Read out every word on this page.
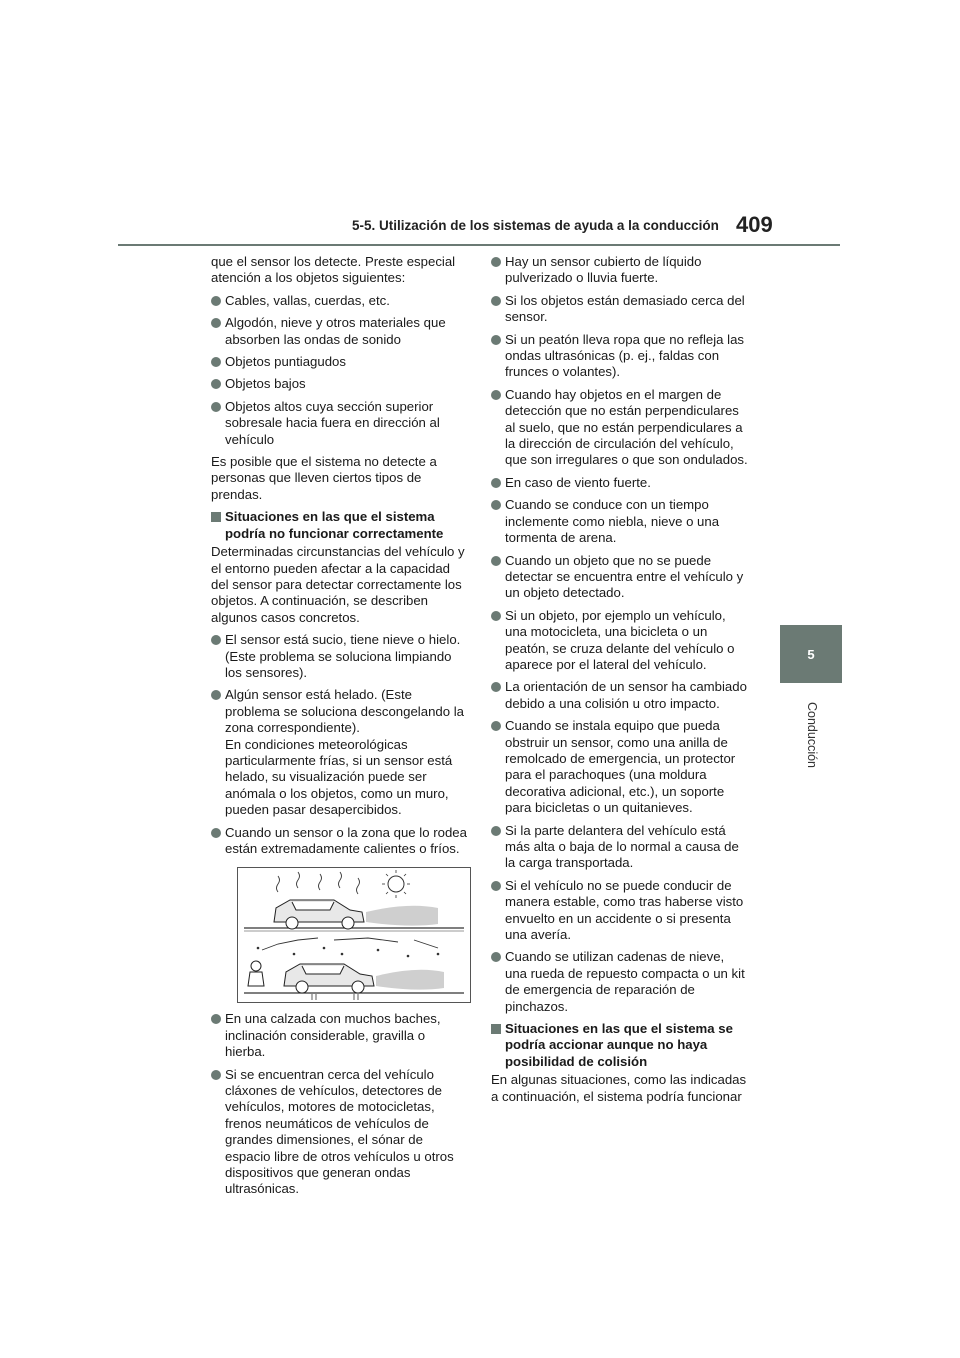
5-5. Utilización de los sistemas de ayuda a la conducción 409
5
Conducción

que el sensor los detecte. Preste especial atención a los objetos siguientes:

Cables, vallas, cuerdas, etc.
Algodón, nieve y otros materiales que absorben las ondas de sonido
Objetos puntiagudos
Objetos bajos
Objetos altos cuya sección superior sobresale hacia fuera en dirección al vehículo

Es posible que el sistema no detecte a personas que lleven ciertos tipos de prendas.

Situaciones en las que el sistema podría no funcionar correctamente

Determinadas circunstancias del vehículo y el entorno pueden afectar a la capacidad del sensor para detectar correctamente los objetos. A continuación, se describen algunos casos concretos.

El sensor está sucio, tiene nieve o hielo. (Este problema se soluciona limpiando los sensores).
Algún sensor está helado. (Este problema se soluciona descongelando la zona correspondiente).
En condiciones meteorológicas particularmente frías, si un sensor está helado, su visualización puede ser anómala o los objetos, como un muro, pueden pasar desapercibidos.
Cuando un sensor o la zona que lo rodea están extremadamente calientes o fríos.
En una calzada con muchos baches, inclinación considerable, gravilla o hierba.
Si se encuentran cerca del vehículo cláxones de vehículos, detectores de vehículos, motores de motocicletas, frenos neumáticos de vehículos de grandes dimensiones, el sónar de espacio libre de otros vehículos u otros dispositivos que generan ondas ultrasónicas.
Hay un sensor cubierto de líquido pulverizado o lluvia fuerte.
Si los objetos están demasiado cerca del sensor.
Si un peatón lleva ropa que no refleja las ondas ultrasónicas (p. ej., faldas con frunces o volantes).
Cuando hay objetos en el margen de detección que no están perpendiculares al suelo, que no están perpendiculares a la dirección de circulación del vehículo, que son irregulares o que son ondulados.
En caso de viento fuerte.
Cuando se conduce con un tiempo inclemente como niebla, nieve o una tormenta de arena.
Cuando un objeto que no se puede detectar se encuentra entre el vehículo y un objeto detectado.
Si un objeto, por ejemplo un vehículo, una motocicleta, una bicicleta o un peatón, se cruza delante del vehículo o aparece por el lateral del vehículo.
La orientación de un sensor ha cambiado debido a una colisión u otro impacto.
Cuando se instala equipo que pueda obstruir un sensor, como una anilla de remolcado de emergencia, un protector para el parachoques (una moldura decorativa adicional, etc.), un soporte para bicicletas o un quitanieves.
Si la parte delantera del vehículo está más alta o baja de lo normal a causa de la carga transportada.
Si el vehículo no se puede conducir de manera estable, como tras haberse visto envuelto en un accidente o si presenta una avería.
Cuando se utilizan cadenas de nieve, una rueda de repuesto compacta o un kit de emergencia de reparación de pinchazos.
Situaciones en las que el sistema se podría accionar aunque no haya posibilidad de colisión

En algunas situaciones, como las indicadas a continuación, el sistema podría funcionar
